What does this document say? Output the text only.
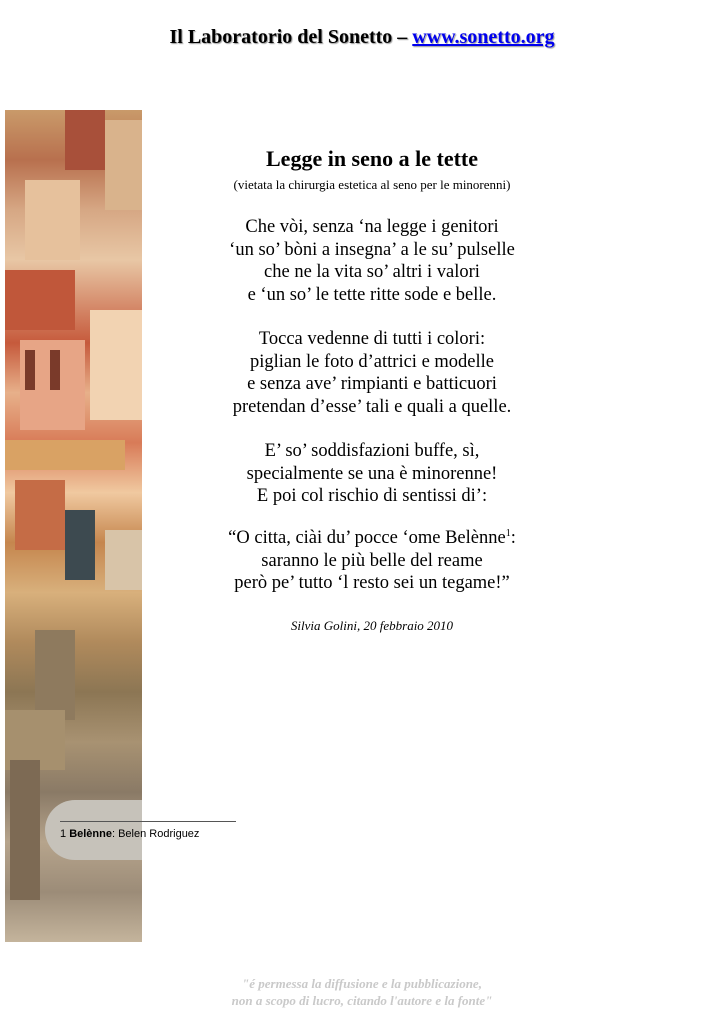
Il Laboratorio del Sonetto – www.sonetto.org
Legge in seno a le tette
(vietata la chirurgia estetica al seno per le minorenni)
Che vòi, senza ‘na legge i genitori
‘un so’ bòni a insegna’ a le su’ pulselle
che ne la vita so’ altri i valori
e ‘un so’ le tette ritte sode e belle.
Tocca vedenne di tutti i colori:
piglian le foto d’attrici e modelle
e senza ave’ rimpianti e batticuori
pretendan d’esse’ tali e quali a quelle.
E’ so’ soddisfazioni buffe, sì,
specialmente se una è minorenne!
E poi col rischio di sentissi di’:
“O citta, ciài du’ pocce ‘ome Belènne$^1$:
saranno le più belle del reame
però pe’ tutto ‘l resto sei un tegame!”
Silvia Golini, 20 febbraio 2010
1 Belènne: Belen Rodriguez
"é permessa la diffusione e la pubblicazione,
non a scopo di lucro, citando l'autore e la fonte"
